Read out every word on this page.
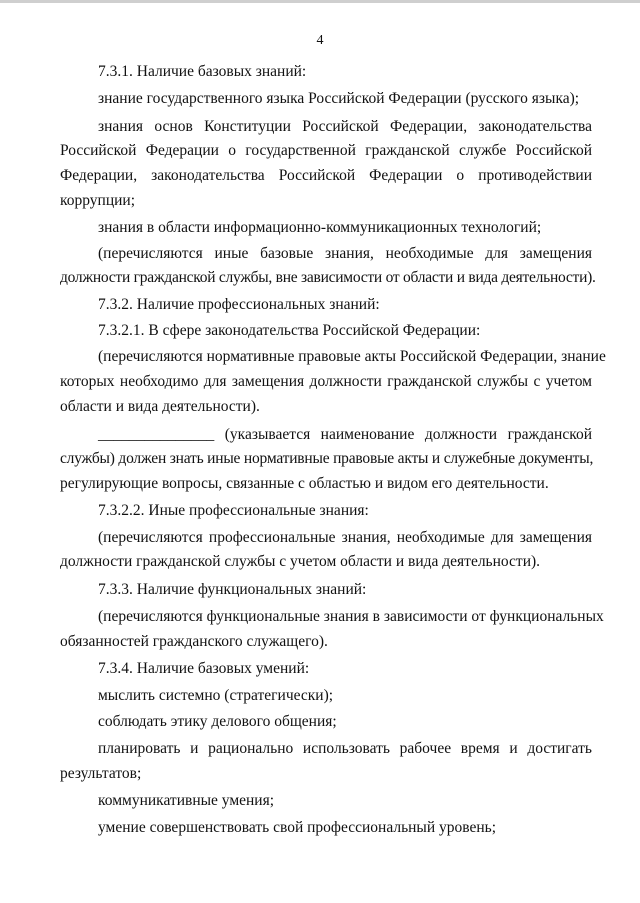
4
7.3.1. Наличие базовых знаний:
знание государственного языка Российской Федерации (русского языка);
знания основ Конституции Российской Федерации, законодательства
Российской Федерации о государственной гражданской службе Российской
Федерации, законодательства Российской Федерации о противодействии
коррупции;
знания в области информационно-коммуникационных технологий;
(перечисляются иные базовые знания, необходимые для замещения
должности гражданской службы, вне зависимости от области и вида деятельности).
7.3.2. Наличие профессиональных знаний:
7.3.2.1. В сфере законодательства Российской Федерации:
(перечисляются нормативные правовые акты Российской Федерации, знание
которых необходимо для замещения должности гражданской службы с учетом
области и вида деятельности).
_______________ (указывается наименование должности гражданской
службы) должен знать иные нормативные правовые акты и служебные документы,
регулирующие вопросы, связанные с областью и видом его деятельности.
7.3.2.2. Иные профессиональные знания:
(перечисляются профессиональные знания, необходимые для замещения
должности гражданской службы с учетом области и вида деятельности).
7.3.3. Наличие функциональных знаний:
(перечисляются функциональные знания в зависимости от функциональных
обязанностей гражданского служащего).
7.3.4. Наличие базовых умений:
мыслить системно (стратегически);
соблюдать этику делового общения;
планировать и рационально использовать рабочее время и достигать
результатов;
коммуникативные умения;
умение совершенствовать свой профессиональный уровень;
